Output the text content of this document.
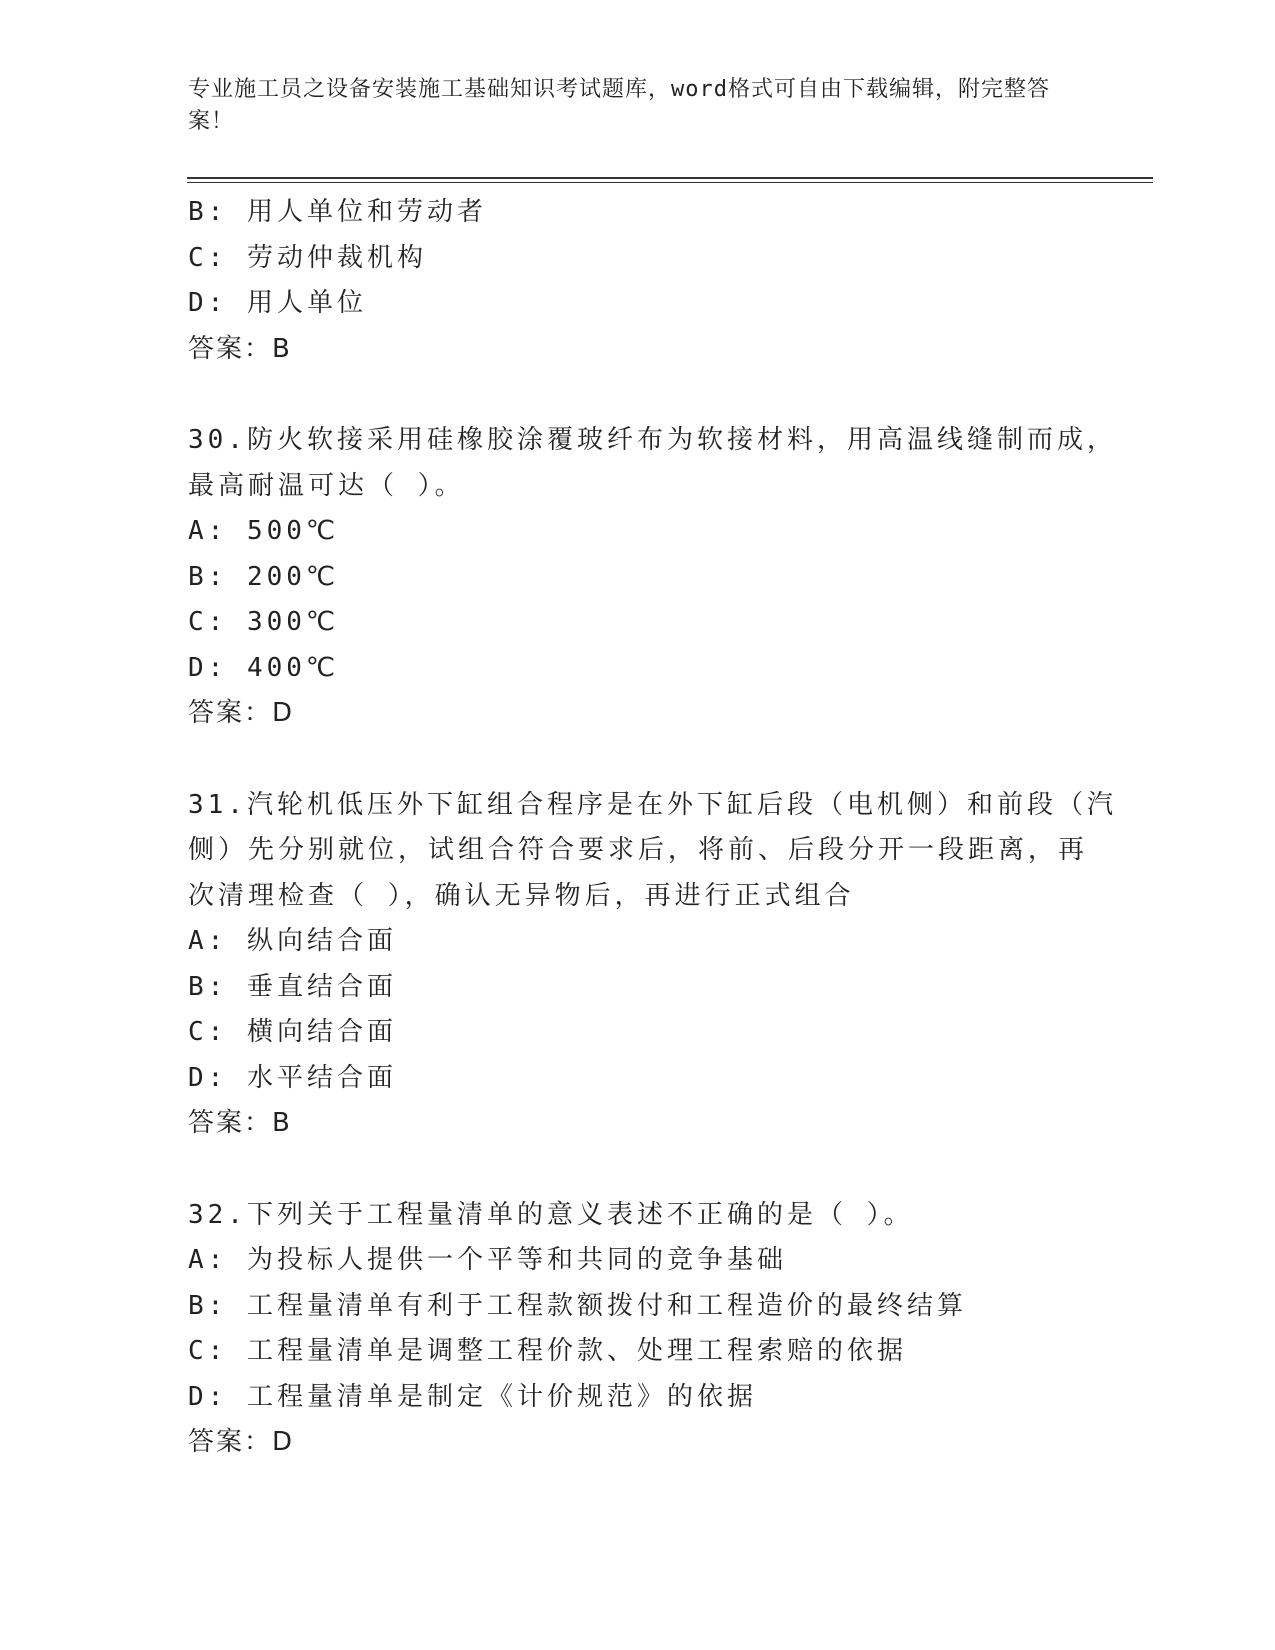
专业施工员之设备安装施工基础知识考试题库，word格式可自由下载编辑，附完整答案！
B: 用人单位和劳动者
C: 劳动仲裁机构
D: 用人单位
答案：B
30.防火软接采用硅橡胶涂覆玻纤布为软接材料，用高温线缝制而成，
最高耐温可达（ ）。
A: 500℃
B: 200℃
C: 300℃
D: 400℃
答案：D
31.汽轮机低压外下缸组合程序是在外下缸后段（电机侧）和前段（汽
侧）先分别就位，试组合符合要求后，将前、后段分开一段距离，再
次清理检查（ ），确认无异物后，再进行正式组合
A: 纵向结合面
B: 垂直结合面
C: 横向结合面
D: 水平结合面
答案：B
32.下列关于工程量清单的意义表述不正确的是（ ）。
A: 为投标人提供一个平等和共同的竞争基础
B: 工程量清单有利于工程款额拨付和工程造价的最终结算
C: 工程量清单是调整工程价款、处理工程索赔的依据
D: 工程量清单是制定《计价规范》的依据
答案：D
